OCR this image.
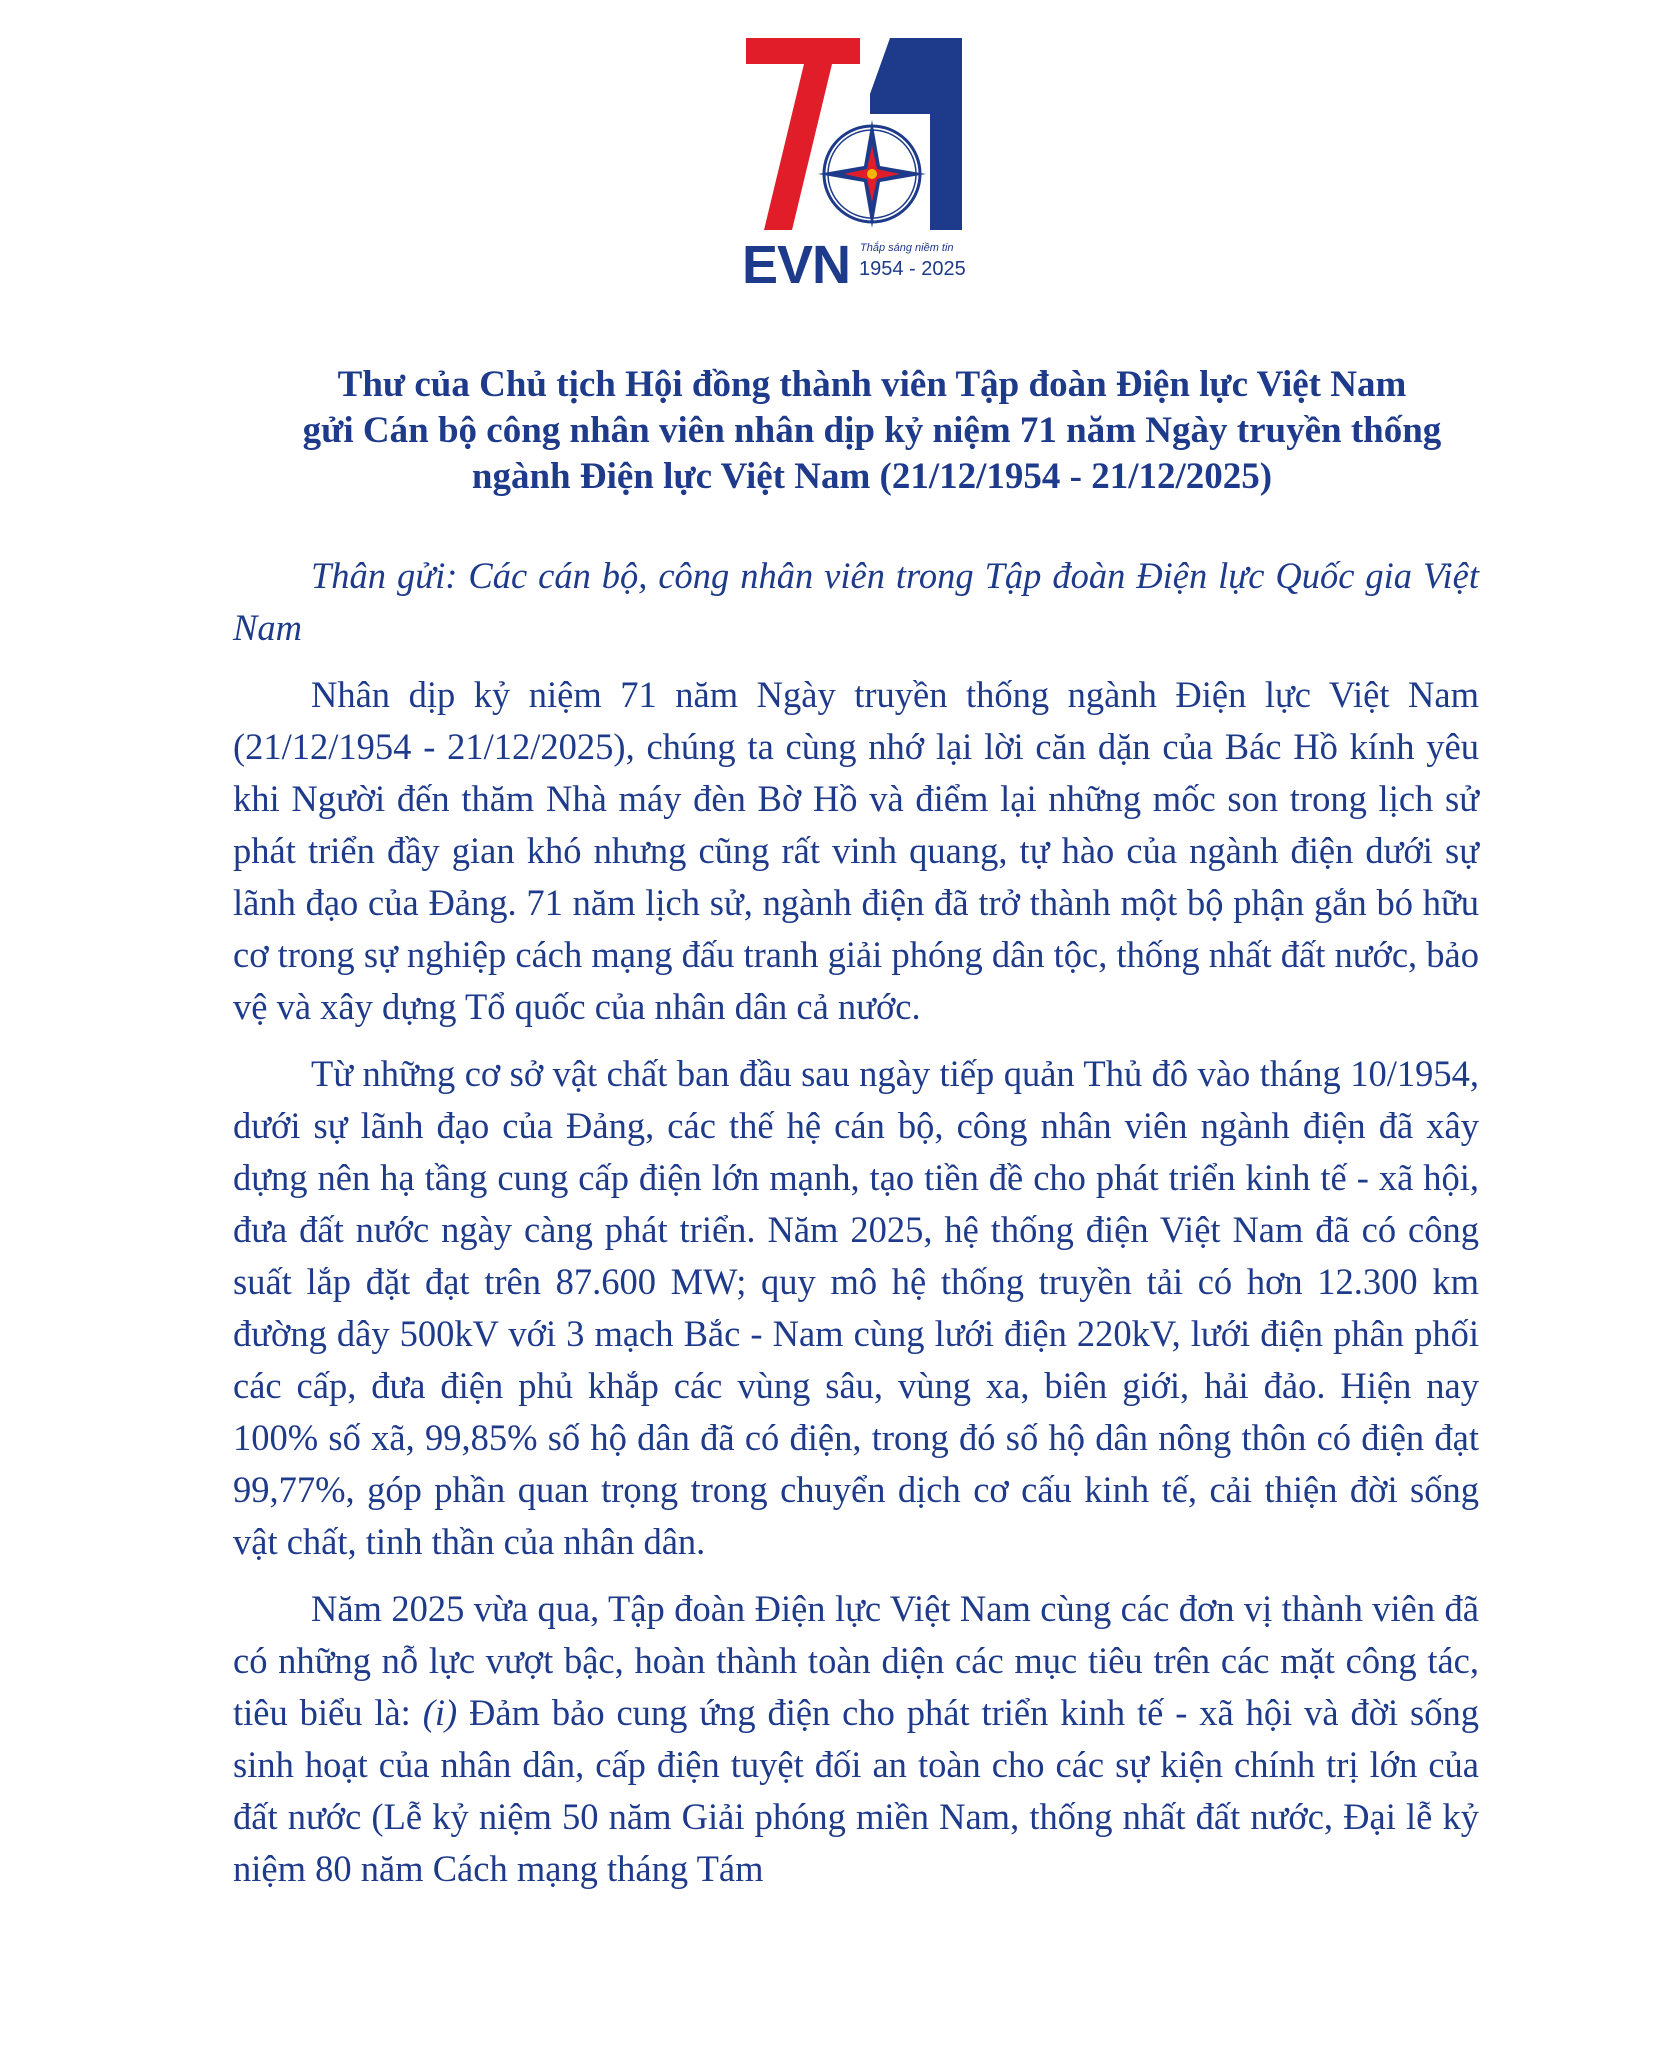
EVN Thắp sáng niềm tin
1954 - 2025
Thư của Chủ tịch Hội đồng thành viên Tập đoàn Điện lực Việt Nam
gửi Cán bộ công nhân viên nhân dịp kỷ niệm 71 năm Ngày truyền thống
ngành Điện lực Việt Nam (21/12/1954 - 21/12/2025)

Thân gửi: Các cán bộ, công nhân viên trong Tập đoàn Điện lực Quốc gia Việt Nam

Nhân dịp kỷ niệm 71 năm Ngày truyền thống ngành Điện lực Việt Nam (21/12/1954 - 21/12/2025), chúng ta cùng nhớ lại lời căn dặn của Bác Hồ kính yêu khi Người đến thăm Nhà máy đèn Bờ Hồ và điểm lại những mốc son trong lịch sử phát triển đầy gian khó nhưng cũng rất vinh quang, tự hào của ngành điện dưới sự lãnh đạo của Đảng. 71 năm lịch sử, ngành điện đã trở thành một bộ phận gắn bó hữu cơ trong sự nghiệp cách mạng đấu tranh giải phóng dân tộc, thống nhất đất nước, bảo vệ và xây dựng Tổ quốc của nhân dân cả nước.

Từ những cơ sở vật chất ban đầu sau ngày tiếp quản Thủ đô vào tháng 10/1954, dưới sự lãnh đạo của Đảng, các thế hệ cán bộ, công nhân viên ngành điện đã xây dựng nên hạ tầng cung cấp điện lớn mạnh, tạo tiền đề cho phát triển kinh tế - xã hội, đưa đất nước ngày càng phát triển. Năm 2025, hệ thống điện Việt Nam đã có công suất lắp đặt đạt trên 87.600 MW; quy mô hệ thống truyền tải có hơn 12.300 km đường dây 500kV với 3 mạch Bắc - Nam cùng lưới điện 220kV, lưới điện phân phối các cấp, đưa điện phủ khắp các vùng sâu, vùng xa, biên giới, hải đảo. Hiện nay 100% số xã, 99,85% số hộ dân đã có điện, trong đó số hộ dân nông thôn có điện đạt 99,77%, góp phần quan trọng trong chuyển dịch cơ cấu kinh tế, cải thiện đời sống vật chất, tinh thần của nhân dân.

Năm 2025 vừa qua, Tập đoàn Điện lực Việt Nam cùng các đơn vị thành viên đã có những nỗ lực vượt bậc, hoàn thành toàn diện các mục tiêu trên các mặt công tác, tiêu biểu là: (i) Đảm bảo cung ứng điện cho phát triển kinh tế - xã hội và đời sống sinh hoạt của nhân dân, cấp điện tuyệt đối an toàn cho các sự kiện chính trị lớn của đất nước (Lễ kỷ niệm 50 năm Giải phóng miền Nam, thống nhất đất nước, Đại lễ kỷ niệm 80 năm Cách mạng tháng Tám
